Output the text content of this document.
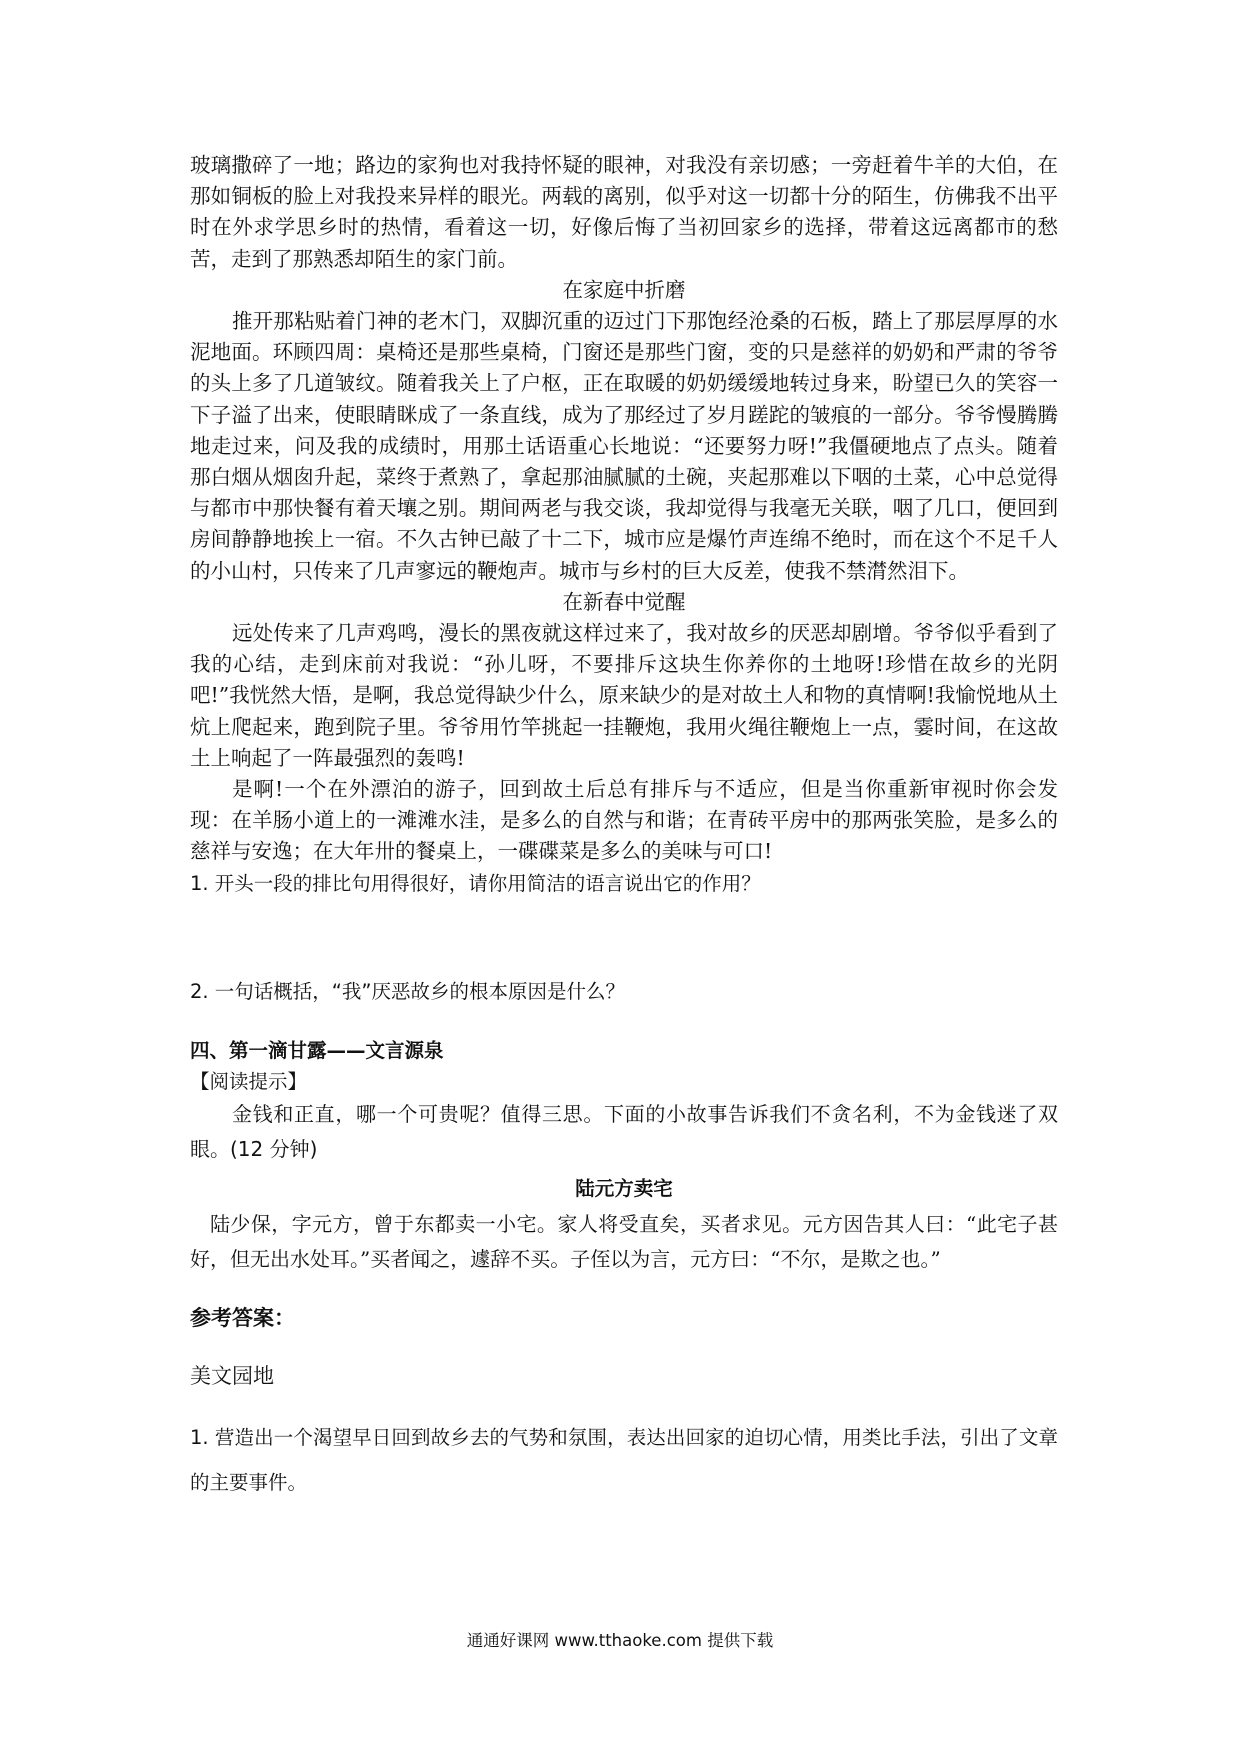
玻璃撒碎了一地；路边的家狗也对我持怀疑的眼神，对我没有亲切感；一旁赶着牛羊的大伯，在那如铜板的脸上对我投来异样的眼光。两载的离别，似乎对这一切都十分的陌生，仿佛我不出平时在外求学思乡时的热情，看着这一切，好像后悔了当初回家乡的选择，带着这远离都市的愁苦，走到了那熟悉却陌生的家门前。

在家庭中折磨

推开那粘贴着门神的老木门，双脚沉重的迈过门下那饱经沧桑的石板，踏上了那层厚厚的水泥地面。环顾四周：桌椅还是那些桌椅，门窗还是那些门窗，变的只是慈祥的奶奶和严肃的爷爷的头上多了几道皱纹。随着我关上了户枢，正在取暖的奶奶缓缓地转过身来，盼望已久的笑容一下子溢了出来，使眼睛眯成了一条直线，成为了那经过了岁月蹉跎的皱痕的一部分。爷爷慢腾腾地走过来，问及我的成绩时，用那土话语重心长地说：“还要努力呀!”我僵硬地点了点头。随着那白烟从烟囱升起，菜终于煮熟了，拿起那油腻腻的土碗，夹起那难以下咽的土菜，心中总觉得与都市中那快餐有着天壤之别。期间两老与我交谈，我却觉得与我毫无关联，咽了几口，便回到房间静静地挨上一宿。不久古钟已敲了十二下，城市应是爆竹声连绵不绝时，而在这个不足千人的小山村，只传来了几声寥远的鞭炮声。城市与乡村的巨大反差，使我不禁潸然泪下。

在新春中觉醒

远处传来了几声鸡鸣，漫长的黑夜就这样过来了，我对故乡的厌恶却剧增。爷爷似乎看到了我的心结，走到床前对我说：“孙儿呀，不要排斥这块生你养你的土地呀!珍惜在故乡的光阴吧!”我恍然大悟，是啊，我总觉得缺少什么，原来缺少的是对故土人和物的真情啊!我愉悦地从土炕上爬起来，跑到院子里。爷爷用竹竿挑起一挂鞭炮，我用火绳往鞭炮上一点，霎时间，在这故土上响起了一阵最强烈的轰鸣!

是啊!一个在外漂泊的游子，回到故土后总有排斥与不适应，但是当你重新审视时你会发现：在羊肠小道上的一滩滩水洼，是多么的自然与和谐；在青砖平房中的那两张笑脸，是多么的慈祥与安逸；在大年卅的餐桌上，一碟碟菜是多么的美味与可口!

1. 开头一段的排比句用得很好，请你用简洁的语言说出它的作用？
2. 一句话概括，“我”厌恶故乡的根本原因是什么？
四、第一滴甘露——文言源泉
【阅读提示】

金钱和正直，哪一个可贵呢？值得三思。下面的小故事告诉我们不贪名利，不为金钱迷了双眼。(12 分钟)

陆元方卖宅

陆少保，字元方，曾于东都卖一小宅。家人将受直矣，买者求见。元方因告其人曰：“此宅子甚好，但无出水处耳。”买者闻之，遽辞不买。子侄以为言，元方曰：“不尔，是欺之也。”

参考答案：
美文园地

1. 营造出一个渴望早日回到故乡去的气势和氛围，表达出回家的迫切心情，用类比手法，引出了文章的主要事件。

通通好课网 www.tthaoke.com 提供下载
